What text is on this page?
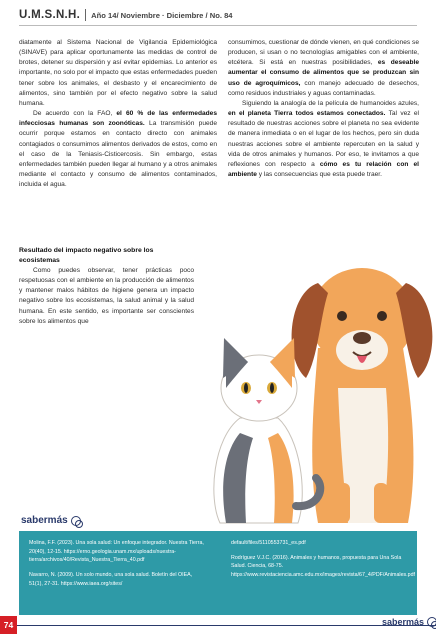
U.M.S.N.H. Año 14/ Noviembre · Diciembre / No. 84

diatamente al Sistema Nacional de Vigilancia Epidemiológica (SINAVE) para aplicar oportunamente las medidas de control de brotes, detener su dispersión y así evitar epidemias. Lo anterior es importante, no solo por el impacto que estas enfermedades pueden tener sobre los animales, el desbasto y el encarecimiento de alimentos, sino también por el efecto negativo sobre la salud humana.

De acuerdo con la FAO, el 60 % de las enfermedades infecciosas humanas son zoonóticas. La transmisión puede ocurrir porque estamos en contacto directo con animales contagiados o consumimos alimentos derivados de estos, como en el caso de la Teniasis-Cisticercosis. Sin embargo, estas enfermedades también pueden llegar al humano y a otros animales mediante el contacto y consumo de alimentos contaminados, incluida el agua.

consumimos, cuestionar de dónde vienen, en qué condiciones se producen, si usan o no tecnologías amigables con el ambiente, etcétera. Si está en nuestras posibilidades, es deseable aumentar el consumo de alimentos que se produzcan sin uso de agroquímicos, con manejo adecuado de desechos, como residuos industriales y aguas contaminadas.

Siguiendo la analogía de la película de humanoides azules, en el planeta Tierra todos estamos conectados. Tal vez el resultado de nuestras acciones sobre el planeta no sea evidente de manera inmediata o en el lugar de los hechos, pero sin duda nuestras acciones sobre el ambiente repercuten en la salud y vida de otros animales y humanos. Por eso, te invitamos a que reflexiones con respecto a cómo es tu relación con el ambiente y las consecuencias que esta puede traer.

Resultado del impacto negativo sobre los ecosistemas

Como puedes observar, tener prácticas poco respetuosas con el ambiente en la producción de alimentos y mantener malos hábitos de higiene genera un impacto negativo sobre los ecosistemas, la salud animal y la salud humana. En este sentido, es importante ser conscientes sobre los alimentos que

sabermás

Molina, F.F. (2023). Una sola salud: Un enfoque integrador. Nuestra Tierra, 20(40), 12-15. https://erno.geologia.unam.mx/uploads/nuestra-tierra/archivos/40/Revista_Nuestra_Tierra_40.pdf

Navarro, N. (2009). Un solo mundo, una sola salud. Boletín del OIEA, 51(1), 27-31. https://www.iaea.org/sites/

default/files/5110553731_es.pdf

Rodríguez V.J.C. (2016). Animales y humanos, propuesta para Una Sola Salud. Ciencia, 68-75. https://www.revistaciencia.amc.edu.mx/images/revista/67_4/PDF/Animales.pdf

74	sabermás
